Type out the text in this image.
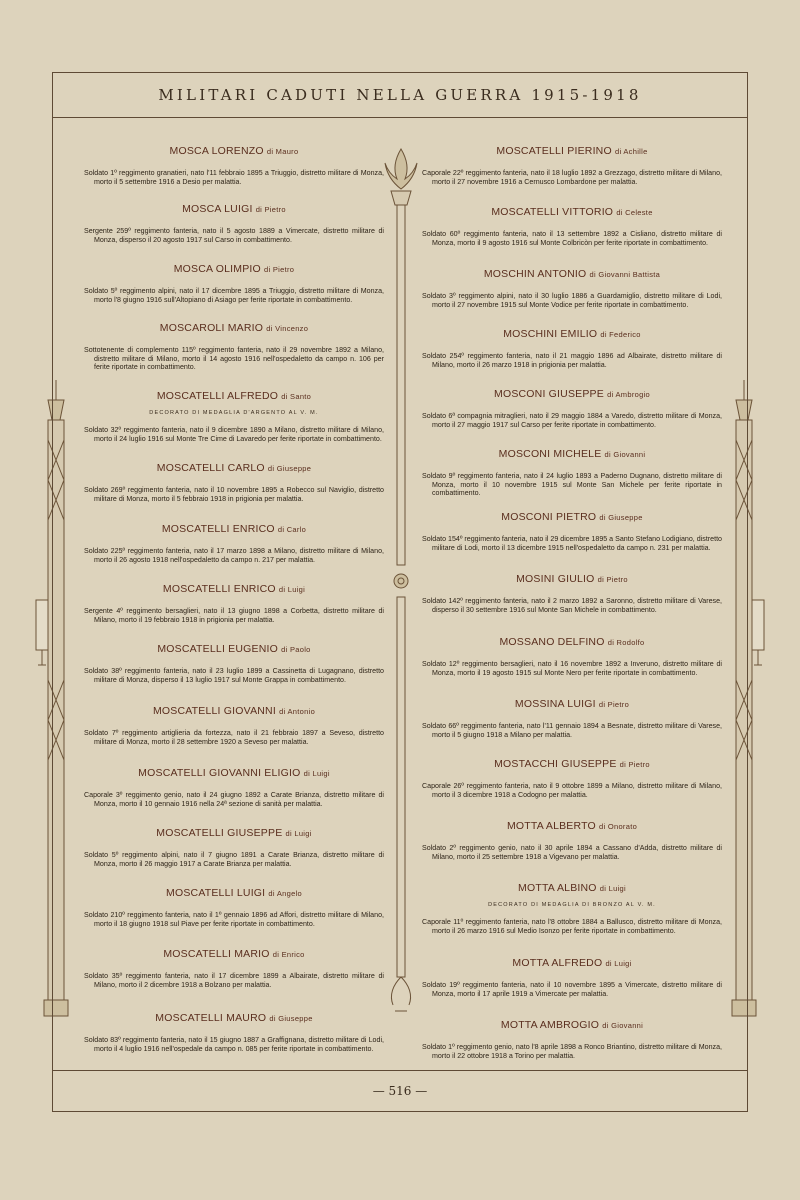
MILITARI CADUTI NELLA GUERRA 1915-1918
— 516 —
MOSCA LORENZO di Mauro
Soldato 1º reggimento granatieri, nato l'11 febbraio 1895 a Triuggio, distretto militare di Monza, morto il 5 settembre 1916 a Desio per malattia.
MOSCA LUIGI di Pietro
Sergente 259º reggimento fanteria, nato il 5 agosto 1889 a Vimercate, distretto militare di Monza, disperso il 20 agosto 1917 sul Carso in combattimento.
MOSCA OLIMPIO di Pietro
Soldato 5º reggimento alpini, nato il 17 dicembre 1895 a Triuggio, distretto militare di Monza, morto l'8 giugno 1916 sull'Altopiano di Asiago per ferite riportate in combattimento.
MOSCAROLI MARIO di Vincenzo
Sottotenente di complemento 115º reggimento fanteria, nato il 29 novembre 1892 a Milano, distretto militare di Milano, morto il 14 agosto 1916 nell'ospedaletto da campo n. 106 per ferite riportate in combattimento.
MOSCATELLI ALFREDO di Santo
DECORATO DI MEDAGLIA D'ARGENTO AL V. M.
Soldato 32º reggimento fanteria, nato il 9 dicembre 1890 a Milano, distretto militare di Milano, morto il 24 luglio 1916 sul Monte Tre Cime di Lavaredo per ferite riportate in combattimento.
MOSCATELLI CARLO di Giuseppe
Soldato 269º reggimento fanteria, nato il 10 novembre 1895 a Robecco sul Naviglio, distretto militare di Monza, morto il 5 febbraio 1918 in prigionia per malattia.
MOSCATELLI ENRICO di Carlo
Soldato 225º reggimento fanteria, nato il 17 marzo 1898 a Milano, distretto militare di Milano, morto il 26 agosto 1918 nell'ospedaletto da campo n. 217 per malattia.
MOSCATELLI ENRICO di Luigi
Sergente 4º reggimento bersaglieri, nato il 13 giugno 1898 a Corbetta, distretto militare di Milano, morto il 19 febbraio 1918 in prigionia per malattia.
MOSCATELLI EUGENIO di Paolo
Soldato 38º reggimento fanteria, nato il 23 luglio 1899 a Cassinetta di Lugagnano, distretto militare di Monza, disperso il 13 luglio 1917 sul Monte Grappa in combattimento.
MOSCATELLI GIOVANNI di Antonio
Soldato 7º reggimento artiglieria da fortezza, nato il 21 febbraio 1897 a Seveso, distretto militare di Monza, morto il 28 settembre 1920 a Seveso per malattia.
MOSCATELLI GIOVANNI ELIGIO di Luigi
Caporale 3º reggimento genio, nato il 24 giugno 1892 a Carate Brianza, distretto militare di Monza, morto il 10 gennaio 1916 nella 24ª sezione di sanità per malattia.
MOSCATELLI GIUSEPPE di Luigi
Soldato 5º reggimento alpini, nato il 7 giugno 1891 a Carate Brianza, distretto militare di Monza, morto il 26 maggio 1917 a Carate Brianza per malattia.
MOSCATELLI LUIGI di Angelo
Soldato 210º reggimento fanteria, nato il 1º gennaio 1896 ad Affori, distretto militare di Milano, morto il 18 giugno 1918 sul Piave per ferite riportate in combattimento.
MOSCATELLI MARIO di Enrico
Soldato 35º reggimento fanteria, nato il 17 dicembre 1899 a Albairate, distretto militare di Milano, morto il 2 dicembre 1918 a Bolzano per malattia.
MOSCATELLI MAURO di Giuseppe
Soldato 83º reggimento fanteria, nato il 15 giugno 1887 a Graffignana, distretto militare di Lodi, morto il 4 luglio 1916 nell'ospedale da campo n. 085 per ferite riportate in combattimento.
MOSCATELLI PIERINO di Achille
Caporale 22º reggimento fanteria, nato il 18 luglio 1892 a Grezzago, distretto militare di Milano, morto il 27 novembre 1916 a Cernusco Lombardone per malattia.
MOSCATELLI VITTORIO di Celeste
Soldato 60º reggimento fanteria, nato il 13 settembre 1892 a Cisliano, distretto militare di Monza, morto il 9 agosto 1916 sul Monte Colbricòn per ferite riportate in combattimento.
MOSCHIN ANTONIO di Giovanni Battista
Soldato 3º reggimento alpini, nato il 30 luglio 1886 a Guardamiglio, distretto militare di Lodi, morto il 27 novembre 1915 sul Monte Vodice per ferite riportate in combattimento.
MOSCHINI EMILIO di Federico
Soldato 254º reggimento fanteria, nato il 21 maggio 1896 ad Albairate, distretto militare di Milano, morto il 26 marzo 1918 in prigionia per malattia.
MOSCONI GIUSEPPE di Ambrogio
Soldato 6ª compagnia mitraglieri, nato il 29 maggio 1884 a Varedo, distretto militare di Monza, morto il 27 maggio 1917 sul Carso per ferite riportate in combattimento.
MOSCONI MICHELE di Giovanni
Soldato 9º reggimento fanteria, nato il 24 luglio 1893 a Paderno Dugnano, distretto militare di Monza, morto il 10 novembre 1915 sul Monte San Michele per ferite riportate in combattimento.
MOSCONI PIETRO di Giuseppe
Soldato 154º reggimento fanteria, nato il 29 dicembre 1895 a Santo Stefano Lodigiano, distretto militare di Lodi, morto il 13 dicembre 1915 nell'ospedaletto da campo n. 231 per malattia.
MOSINI GIULIO di Pietro
Soldato 142º reggimento fanteria, nato il 2 marzo 1892 a Saronno, distretto militare di Varese, disperso il 30 settembre 1916 sul Monte San Michele in combattimento.
MOSSANO DELFINO di Rodolfo
Soldato 12º reggimento bersaglieri, nato il 16 novembre 1892 a Inveruno, distretto militare di Monza, morto il 19 agosto 1915 sul Monte Nero per ferite riportate in combattimento.
MOSSINA LUIGI di Pietro
Soldato 66º reggimento fanteria, nato l'11 gennaio 1894 a Besnate, distretto militare di Varese, morto il 5 giugno 1918 a Milano per malattia.
MOSTACCHI GIUSEPPE di Pietro
Caporale 26º reggimento fanteria, nato il 9 ottobre 1899 a Milano, distretto militare di Milano, morto il 3 dicembre 1918 a Codogno per malattia.
MOTTA ALBERTO di Onorato
Soldato 2º reggimento genio, nato il 30 aprile 1894 a Cassano d'Adda, distretto militare di Milano, morto il 25 settembre 1918 a Vigevano per malattia.
MOTTA ALBINO di Luigi
DECORATO DI MEDAGLIA DI BRONZO AL V. M.
Caporale 11º reggimento fanteria, nato l'8 ottobre 1884 a Ballusco, distretto militare di Monza, morto il 26 marzo 1916 sul Medio Isonzo per ferite riportate in combattimento.
MOTTA ALFREDO di Luigi
Soldato 19º reggimento fanteria, nato il 10 novembre 1895 a Vimercate, distretto militare di Monza, morto il 17 aprile 1919 a Vimercate per malattia.
MOTTA AMBROGIO di Giovanni
Soldato 1º reggimento genio, nato l'8 aprile 1898 a Ronco Briantino, distretto militare di Monza, morto il 22 ottobre 1918 a Torino per malattia.
